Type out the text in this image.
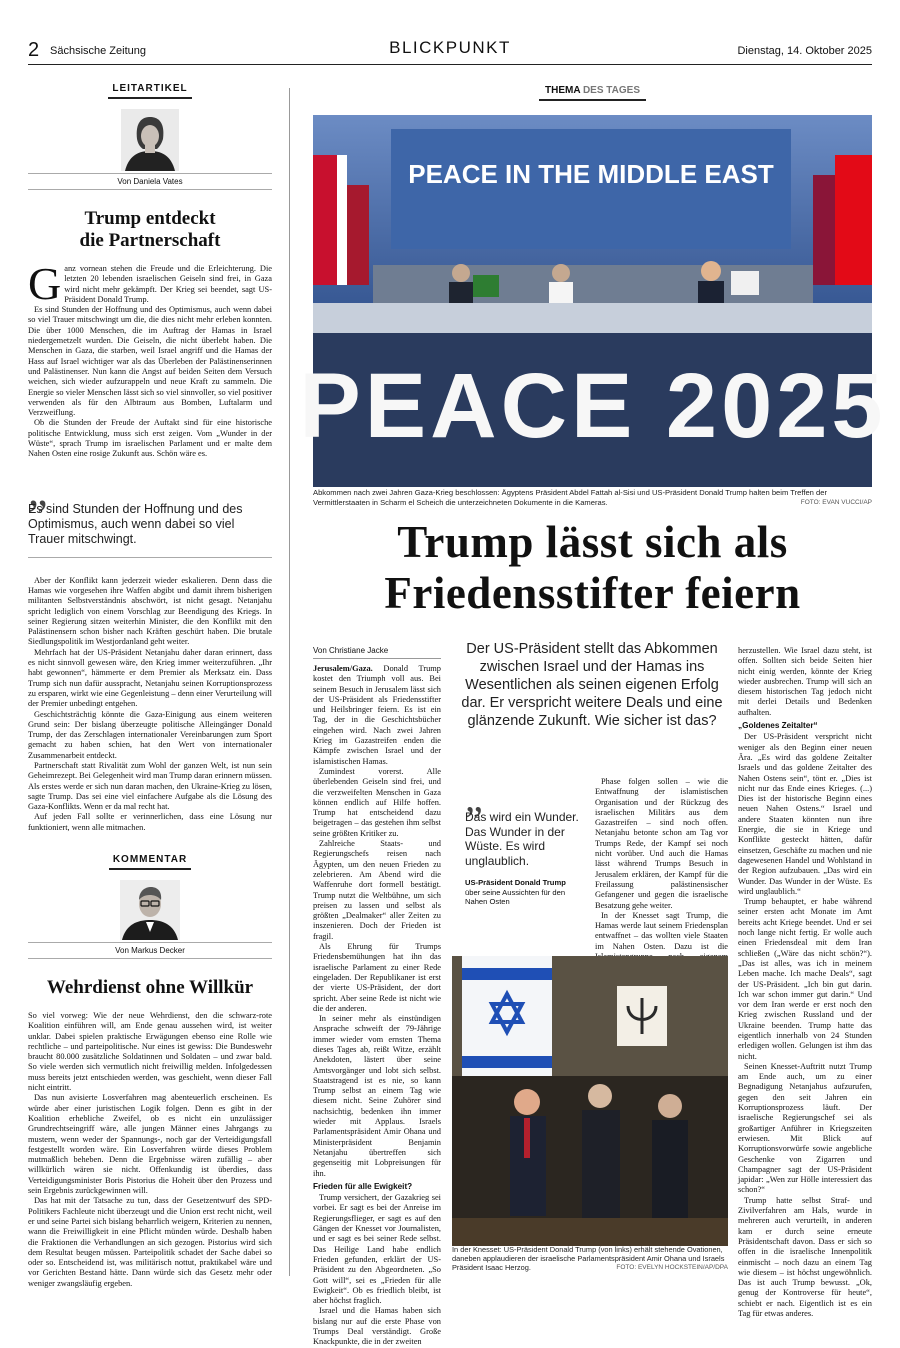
2 Sächsische Zeitung	BLICKPUNKT	Dienstag, 14. Oktober 2025
LEITARTIKEL
Von Daniela Vates
Trump entdeckt
die Partnerschaft

Ganz vornean stehen die Freude und die Erleichterung. Die letzten 20 lebenden israelischen Geiseln sind frei, in Gaza wird nicht mehr gekämpft. Der Krieg sei beendet, sagt US-Präsident Donald Trump.

Es sind Stunden der Hoffnung und des Optimismus, auch wenn dabei so viel Trauer mitschwingt um die, die dies nicht mehr erleben konnten. Die über 1000 Menschen, die im Auftrag der Hamas in Israel niedergemetzelt wurden. Die Geiseln, die nicht überlebt haben. Die Menschen in Gaza, die starben, weil Israel angriff und die Hamas der Hass auf Israel wichtiger war als das Überleben der Palästinenserinnen und Palästinenser. Nun kann die Angst auf beiden Seiten dem Versuch weichen, sich wieder aufzurappeln und neue Kraft zu sammeln. Die Energie so vieler Menschen lässt sich so viel sinnvoller, so viel positiver verwenden als für den Albtraum aus Bomben, Luftalarm und Verzweiflung.

Ob die Stunden der Freude der Auftakt sind für eine historische politische Entwicklung, muss sich erst zeigen. Vom „Wunder in der Wüste“, sprach Trump im israelischen Parlament und er malte dem Nahen Osten eine rosige Zukunft aus. Schön wäre es.

„
Es sind Stunden der Hoffnung und des Optimismus, auch wenn dabei so viel Trauer mitschwingt.

Aber der Konflikt kann jederzeit wieder eskalieren. Denn dass die Hamas wie vorgesehen ihre Waffen abgibt und damit ihrem bisherigen militanten Selbstverständnis abschwört, ist nicht gesagt. Netanjahu spricht lediglich von einem Vorschlag zur Beendigung des Kriegs. In seiner Regierung sitzen weiterhin Minister, die den Konflikt mit den Palästinensern schon bisher nach Kräften geschürt haben. Die brutale Siedlungspolitik im Westjordanland geht weiter.

Mehrfach hat der US-Präsident Netanjahu daher daran erinnert, dass es nicht sinnvoll gewesen wäre, den Krieg immer weiterzuführen. „Ihr habt gewonnen“, hämmerte er dem Premier als Merksatz ein. Dass Trump sich nun dafür ausspracht, Netanjahu seinen Korruptionsprozess zu ersparen, wirkt wie eine Gegenleistung – denn einer Verurteilung will der Premier unbedingt entgehen.

Geschichtsträchtig könnte die Gaza-Einigung aus einem weiteren Grund sein: Der bislang überzeugte politische Alleingänger Donald Trump, der das Zerschlagen internationaler Vereinbarungen zum Sport gemacht zu haben schien, hat den Wert von internationaler Zusammenarbeit entdeckt.

Partnerschaft statt Rivalität zum Wohl der ganzen Welt, ist nun sein Geheimrezept. Bei Gelegenheit wird man Trump daran erinnern müssen. Als erstes werde er sich nun daran machen, den Ukraine-Krieg zu lösen, sagte Trump. Das sei eine viel einfachere Aufgabe als die Lösung des Gaza-Konflikts. Wenn er da mal recht hat.

Auf jeden Fall sollte er verinnerlichen, dass eine Lösung nur funktioniert, wenn alle mitmachen.

KOMMENTAR
Von Markus Decker
Wehrdienst ohne Willkür

So viel vorweg: Wie der neue Wehrdienst, den die schwarz-rote Koalition einführen will, am Ende genau aussehen wird, ist weiter unklar. Dabei spielen praktische Erwägungen ebenso eine Rolle wie rechtliche – und parteipolitische. Nur eines ist gewiss: Die Bundeswehr braucht 80.000 zusätzliche Soldatinnen und Soldaten – und zwar bald. So viele werden sich vermutlich nicht freiwillig melden. Infolgedessen muss bereits jetzt entschieden werden, was geschieht, wenn dieser Fall nicht eintritt.

Das nun avisierte Losverfahren mag abenteuerlich erscheinen. Es würde aber einer juristischen Logik folgen. Denn es gibt in der Koalition erhebliche Zweifel, ob es nicht ein unzulässiger Grundrechtseingriff wäre, alle jungen Männer eines Jahrgangs zu mustern, wenn weder der Spannungs-, noch gar der Verteidigungsfall festgestellt worden wäre. Ein Losverfahren würde dieses Problem mutmaßlich beheben. Denn die Ergebnisse wären zufällig – aber willkürlich wären sie nicht. Offenkundig ist überdies, dass Verteidigungsminister Boris Pistorius die Hoheit über den Prozess und sein Ergebnis zurückgewinnen will.

Das hat mit der Tatsache zu tun, dass der Gesetzentwurf des SPD-Politikers Fachleute nicht überzeugt und die Union erst recht nicht, weil er und seine Partei sich bislang beharrlich weigern, Kriterien zu nennen, wann die Freiwilligkeit in eine Pflicht münden würde. Deshalb haben die Fraktionen die Verhandlungen an sich gezogen. Pistorius wird sich dem Resultat beugen müssen. Parteipolitik schadet der Sache dabei so oder so. Entscheidend ist, was militärisch nottut, praktikabel wäre und vor Gerichten Bestand hätte. Dann würde sich das Gesetz mehr oder weniger zwangsläufig ergeben.

THEMA DES TAGES
PEACE IN THE MIDDLE EAST
PEACE 2025
Abkommen nach zwei Jahren Gaza-Krieg beschlossen: Ägyptens Präsident Abdel Fattah al-Sisi und US-Präsident Donald Trump halten beim Treffen der Vermittlerstaaten in Scharm el Scheich die unterzeichneten Dokumente in die Kameras.	FOTO: EVAN VUCCI/AP
Trump lässt sich als
Friedensstifter feiern
Von Christiane Jacke	Der US-Präsident stellt das Abkommen zwischen Israel und der Hamas ins Wesentlichen als seinen eigenen Erfolg dar. Er verspricht weitere Deals und eine glänzende Zukunft. Wie sicher ist das?

Jerusalem/Gaza. Donald Trump kostet den Triumph voll aus. Bei seinem Besuch in Jerusalem lässt sich der US-Präsident als Friedensstifter und Heilsbringer feiern. Es ist ein Tag, der in die Geschichtsbücher eingehen wird. Nach zwei Jahren Krieg im Gazastreifen enden die Kämpfe zwischen Israel und der islamistischen Hamas.

Zumindest vorerst. Alle überlebenden Geiseln sind frei, und die verzweifelten Menschen in Gaza können endlich auf Hilfe hoffen. Trump hat entscheidend dazu beigetragen – das gestehen ihm selbst seine größten Kritiker zu.

Zahlreiche Staats- und Regierungschefs reisen nach Ägypten, um den neuen Frieden zu zelebrieren. Am Abend wird die Waffenruhe dort formell bestätigt. Trump nutzt die Weltbühne, um sich preisen zu lassen und selbst als größten „Dealmaker“ aller Zeiten zu inszenieren. Doch der Frieden ist fragil.

Als Ehrung für Trumps Friedensbemühungen hat ihn das israelische Parlament zu einer Rede eingeladen. Der Republikaner ist erst der vierte US-Präsident, der dort spricht. Aber seine Rede ist nicht wie die der anderen.

In seiner mehr als einstündigen Ansprache schweift der 79-Jährige immer wieder vom ernsten Thema dieses Tages ab, reißt Witze, erzählt Anekdoten, lästert über seine Amtsvorgänger und lobt sich selbst. Staatstragend ist es nie, so kann Trump selbst an einem Tag wie diesem nicht. Seine Zuhörer sind nachsichtig, bedenken ihn immer wieder mit Applaus. Israels Parlamentspräsident Amir Ohana und Ministerpräsident Benjamin Netanjahu übertreffen sich gegenseitig mit Lobpreisungen für ihn.

Frieden für alle Ewigkeit?

Trump versichert, der Gazakrieg sei vorbei. Er sagt es bei der Anreise im Regierungsflieger, er sagt es auf den Gängen der Knesset vor Journalisten, und er sagt es bei seiner Rede selbst. Das Heilige Land habe endlich Frieden gefunden, erklärt der US-Präsident zu den Abgeordneten. „So Gott will“, sei es „Frieden für alle Ewigkeit“. Ob es friedlich bleibt, ist aber höchst fraglich.

Israel und die Hamas haben sich bislang nur auf die erste Phase von Trumps Deal verständigt. Große Knackpunkte, die in der zweiten

„
Das wird ein Wunder. Das Wunder in der Wüste. Es wird unglaublich.
US-Präsident Donald Trump
über seine Aussichten für den Nahen Osten

Phase folgen sollen – wie die Entwaffnung der islamistischen Organisation und der Rückzug des israelischen Militärs aus dem Gazastreifen – sind noch offen. Netanjahu betonte schon am Tag vor Trumps Rede, der Kampf sei noch nicht vorüber. Und auch die Hamas lässt während Trumps Besuch in Jerusalem erklären, der Kampf für die Freilassung palästinensischer Gefangener und gegen die israelische Besatzung gehe weiter.

In der Knesset sagt Trump, die Hamas werde laut seinem Friedensplan entwaffnet – das wollten viele Staaten im Nahen Osten. Dazu ist die

herzustellen. Wie Israel dazu steht, ist offen. Sollten sich beide Seiten hier nicht einig werden, könnte der Krieg wieder ausbrechen. Trump will sich an diesem historischen Tag jedoch nicht mit derlei Details und Bedenken aufhalten.

„Goldenes Zeitalter“

Der US-Präsident verspricht nicht weniger als den Beginn einer neuen Ära. „Es wird das goldene Zeitalter Israels und das goldene Zeitalter des Nahen Ostens sein“, tönt er. „Dies ist nicht nur das Ende eines Krieges. (...) Dies ist der historische Beginn eines neuen Nahen Ostens.“ Israel und andere Staaten könnten nun ihre Energie, die sie in Kriege und Konflikte gesteckt hätten, dafür einsetzen, Geschäfte zu machen und nie dagewesenen Handel und Wohlstand in der Region aufzubauen. „Das wird ein Wunder. Das Wunder in der Wüste. Es wird unglaublich.“

Trump behauptet, er habe während seiner ersten acht Monate im Amt bereits acht Kriege beendet. Und er sei noch lange nicht fertig. Er wolle auch einen Friedensdeal mit dem Iran schließen („Wäre das nicht schön?“). „Das ist alles, was ich in meinem Leben mache. Ich mache Deals“, sagt der US-Präsident. „Ich bin gut darin. Ich war schon immer gut darin.“ Und vor dem Iran werde er erst noch den Krieg zwischen Russland und der Ukraine beenden. Trump hatte das eigentlich innerhalb von 24 Stunden erledigen wollen. Gelungen ist ihm das nicht.

Seinen Knesset-Auftritt nutzt Trump am Ende auch, um zu einer Begnadigung Netanjahus aufzurufen, gegen den seit Jahren ein Korruptionsprozess läuft. Der israelische Regierungschef sei als großartiger Anführer in Kriegszeiten erwiesen. Mit Blick auf Korruptionsvorwürfe sowie angebliche Geschenke von Zigarren und Champagner sagt der US-Präsident japidar: „Wen zur Hölle interessiert das schon?“

Trump hatte selbst Straf- und Zivilverfahren am Hals, wurde in mehreren auch verurteilt, in anderen kam er durch seine erneute Präsidentschaft davon. Dass er sich so offen in die israelische Innenpolitik einmischt – noch dazu an einem Tag wie diesem – ist höchst ungewöhnlich. Das ist auch Trump bewusst. „Ok, genug der Kontroverse für heute“, schiebt er nach. Eigentlich ist es ein Tag für etwas anderes.

In der Knesset: US-Präsident Donald Trump (von links) erhält stehende Ovationen, daneben applaudieren der israelische Parlamentspräsident Amir Ohana und Israels Präsident Isaac Herzog.	FOTO: EVELYN HOCKSTEIN/AP/DPA
